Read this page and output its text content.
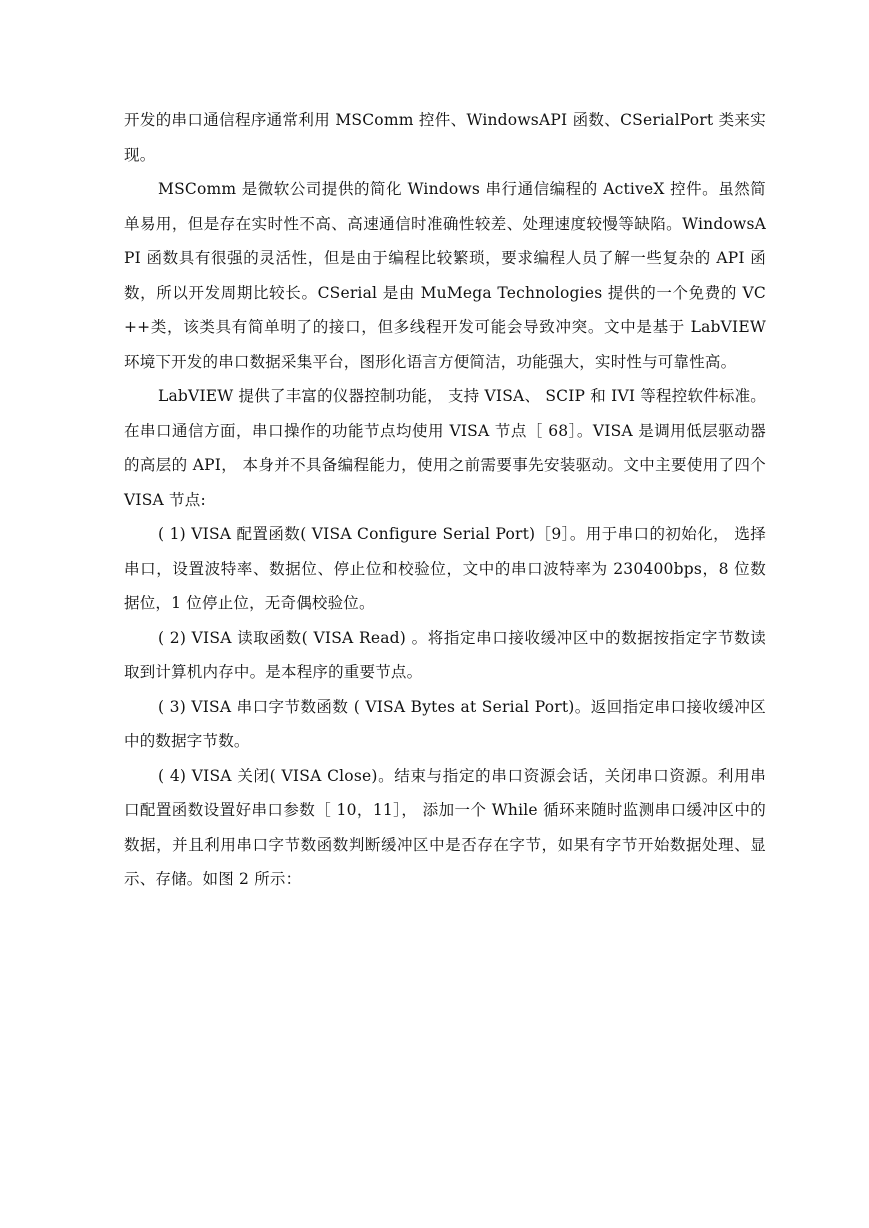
开发的串口通信程序通常利用 MSComm 控件、WindowsAPI 函数、CSerialPort 类来实现。

MSComm 是微软公司提供的简化 Windows 串行通信编程的 ActiveX 控件。虽然简单易用，但是存在实时性不高、高速通信时准确性较差、处理速度较慢等缺陷。WindowsAPI 函数具有很强的灵活性，但是由于编程比较繁琐，要求编程人员了解一些复杂的 API 函数，所以开发周期比较长。CSerial 是由 MuMega Technologies 提供的一个免费的 VC++类，该类具有简单明了的接口，但多线程开发可能会导致冲突。文中是基于 LabVIEW 环境下开发的串口数据采集平台，图形化语言方便简洁，功能强大，实时性与可靠性高。

LabVIEW 提供了丰富的仪器控制功能， 支持 VISA、 SCIP 和 IVI 等程控软件标准。在串口通信方面，串口操作的功能节点均使用 VISA 节点［ 68］。VISA 是调用低层驱动器的高层的 API， 本身并不具备编程能力，使用之前需要事先安装驱动。文中主要使用了四个 VISA 节点:

( 1) VISA 配置函数( VISA Configure Serial Port)［9］。用于串口的初始化， 选择串口，设置波特率、数据位、停止位和校验位，文中的串口波特率为 230400bps，8 位数据位，1 位停止位，无奇偶校验位。

( 2) VISA 读取函数( VISA Read) 。将指定串口接收缓冲区中的数据按指定字节数读取到计算机内存中。是本程序的重要节点。

( 3) VISA 串口字节数函数 ( VISA Bytes at Serial Port)。返回指定串口接收缓冲区中的数据字节数。

( 4) VISA 关闭( VISA Close)。结束与指定的串口资源会话，关闭串口资源。利用串口配置函数设置好串口参数［ 10，11］， 添加一个 While 循环来随时监测串口缓冲区中的数据，并且利用串口字节数函数判断缓冲区中是否存在字节，如果有字节开始数据处理、显示、存储。如图 2 所示：
